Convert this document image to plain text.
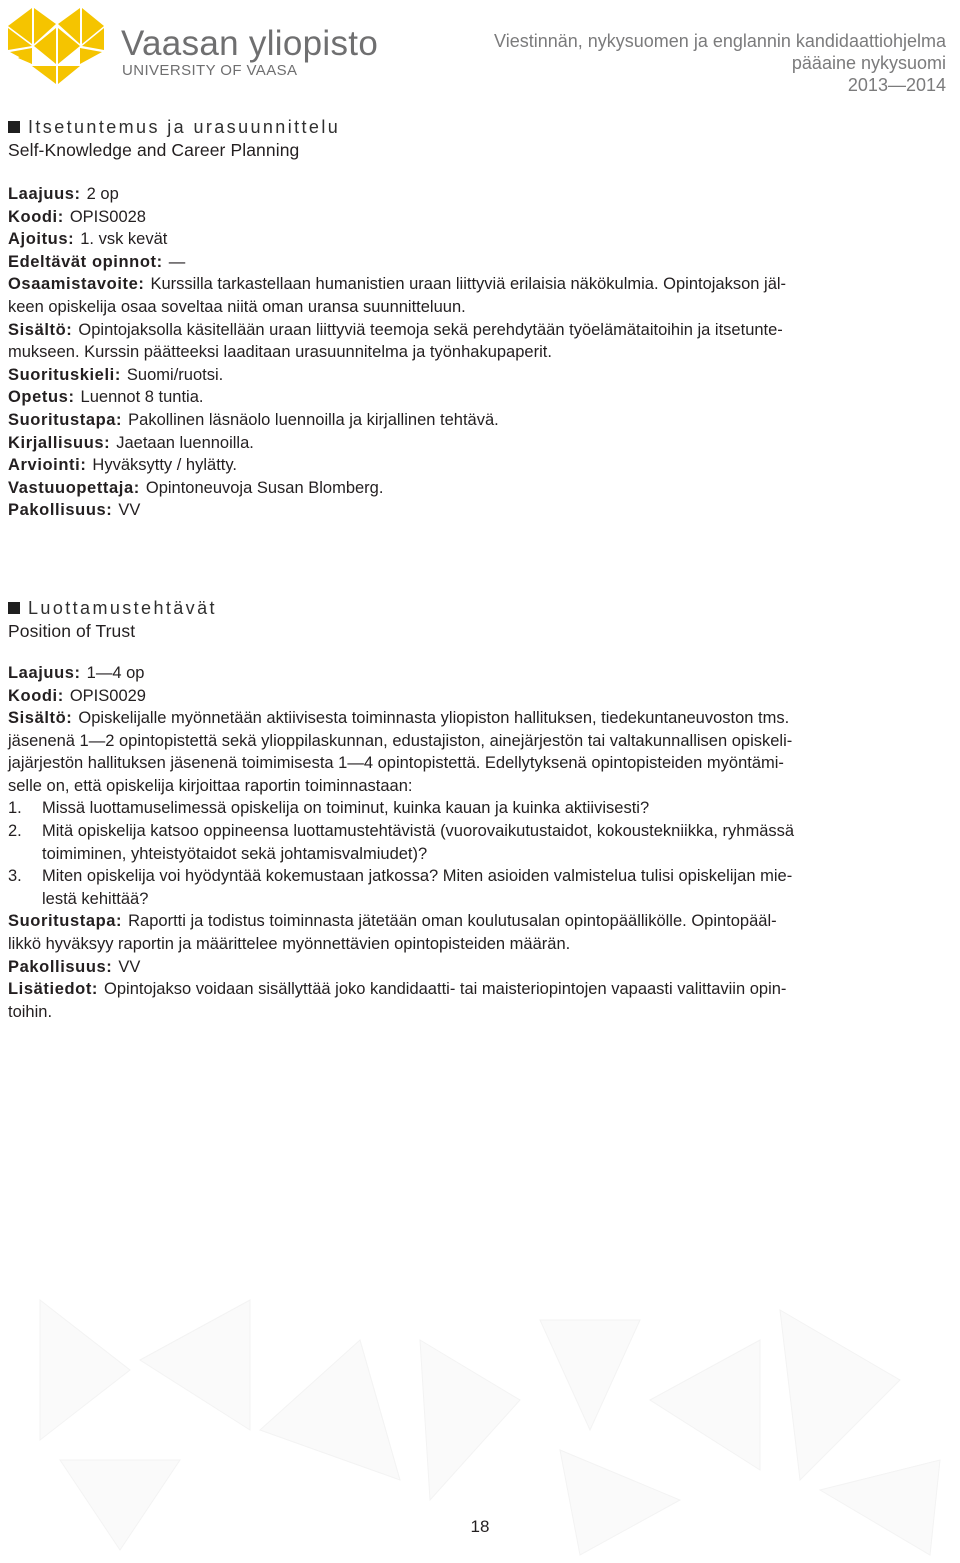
Vaasan yliopisto
UNIVERSITY OF VAASA
Viestinnän, nykysuomen ja englannin kandidaattiohjelma
pääaine nykysuomi
2013—2014
Itsetuntemus ja urasuunnittelu
Self-Knowledge and Career Planning
Laajuus: 2 op
Koodi: OPIS0028
Ajoitus: 1. vsk kevät
Edeltävät opinnot: —
Osaamistavoite: Kurssilla tarkastellaan humanistien uraan liittyviä erilaisia näkökulmia. Opintojakson jäl-
keen opiskelija osaa soveltaa niitä oman uransa suunnitteluun.
Sisältö: Opintojaksolla käsitellään uraan liittyviä teemoja sekä perehdytään työelämätaitoihin ja itsetunte-
mukseen. Kurssin päätteeksi laaditaan urasuunnitelma ja työnhakupaperit.
Suorituskieli: Suomi/ruotsi.
Opetus: Luennot 8 tuntia.
Suoritustapa: Pakollinen läsnäolo luennoilla ja kirjallinen tehtävä.
Kirjallisuus: Jaetaan luennoilla.
Arviointi: Hyväksytty / hylätty.
Vastuuopettaja: Opintoneuvoja Susan Blomberg.
Pakollisuus: VV
Luottamustehtävät
Position of Trust
Laajuus: 1—4 op
Koodi: OPIS0029
Sisältö: Opiskelijalle myönnetään aktiivisesta toiminnasta yliopiston hallituksen, tiedekuntaneuvoston tms.
jäsenenä 1—2 opintopistettä sekä ylioppilaskunnan, edustajiston, ainejärjestön tai valtakunnallisen opiskeli-
jajärjestön hallituksen jäsenenä toimimisesta 1—4 opintopistettä. Edellytyksenä opintopisteiden myöntämi-
selle on, että opiskelija kirjoittaa raportin toiminnastaan:
1. Missä luottamuselimessä opiskelija on toiminut, kuinka kauan ja kuinka aktiivisesti?
2. Mitä opiskelija katsoo oppineensa luottamustehtävistä (vuorovaikutustaidot, kokoustekniikka, ryhmässä
toimiminen, yhteistyötaidot sekä johtamisvalmiudet)?
3. Miten opiskelija voi hyödyntää kokemustaan jatkossa? Miten asioiden valmistelua tulisi opiskelijan mie-
lestä kehittää?
Suoritustapa: Raportti ja todistus toiminnasta jätetään oman koulutusalan opintopäällikölle. Opintopääl-
likkö hyväksyy raportin ja määrittelee myönnettävien opintopisteiden määrän.
Pakollisuus: VV
Lisätiedot: Opintojakso voidaan sisällyttää joko kandidaatti- tai maisteriopintojen vapaasti valittaviin opin-
toihin.
18
